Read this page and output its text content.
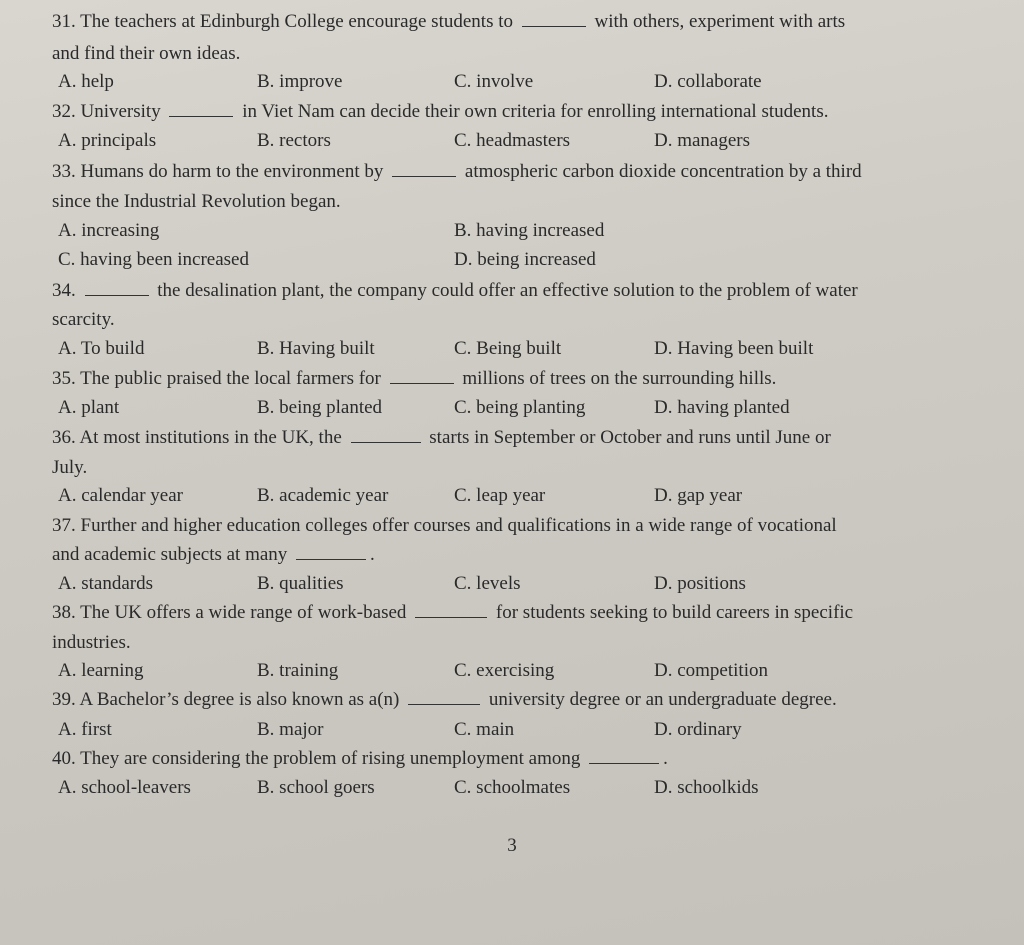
31. The teachers at Edinburgh College encourage students to	with others, experiment with arts
and find their own ideas.
A. help	B. improve	C. involve	D. collaborate
32. University	in Viet Nam can decide their own criteria for enrolling international students.
A. principals	B. rectors	C. headmasters	D. managers
33. Humans do harm to the environment by	atmospheric carbon dioxide concentration by a third
since the Industrial Revolution began.
A. increasing	B. having increased
C. having been increased	D. being increased
34.	the desalination plant, the company could offer an effective solution to the problem of water
scarcity.
A. To build	B. Having built	C. Being built	D. Having been built
35. The public praised the local farmers for	millions of trees on the surrounding hills.
A. plant	B. being planted	C. being planting	D. having planted
36. At most institutions in the UK, the	starts in September or October and runs until June or
July.
A. calendar year	B. academic year	C. leap year	D. gap year
37. Further and higher education colleges offer courses and qualifications in a wide range of vocational
and academic subjects at many	.
A. standards	B. qualities	C. levels	D. positions
38. The UK offers a wide range of work-based	for students seeking to build careers in specific
industries.
A. learning	B. training	C. exercising	D. competition
39. A Bachelor’s degree is also known as a(n)	university degree or an undergraduate degree.
A. first	B. major	C. main	D. ordinary
40. They are considering the problem of rising unemployment among	.
A. school-leavers	B. school goers	C. schoolmates	D. schoolkids
3
